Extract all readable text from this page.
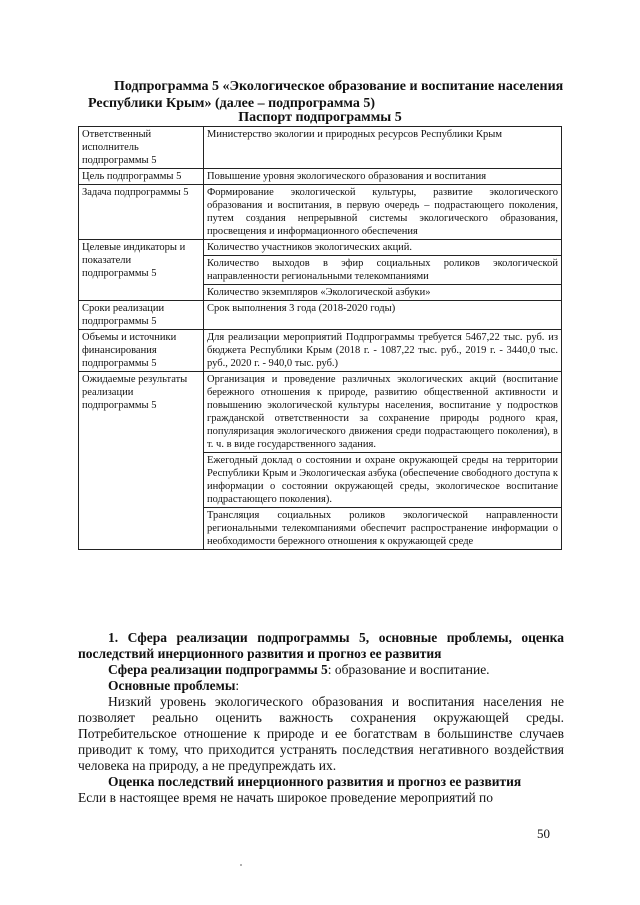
Подпрограмма 5 «Экологическое образование и воспитание населения Республики Крым» (далее – подпрограмма 5)
Паспорт подпрограммы 5
Ответственный исполнитель подпрограммы 5	Министерство экологии и природных ресурсов Республики Крым

Цель подпрограммы 5	Повышение уровня экологического образования и воспитания

Задача подпрограммы 5	Формирование экологической культуры, развитие экологического образования и воспитания, в первую очередь – подрастающего поколения, путем создания непрерывной системы экологического образования, просвещения и информационного обеспечения

Целевые индикаторы и показатели подпрограммы 5	Количество участников экологических акций.
Количество выходов в эфир социальных роликов экологической направленности региональными телекомпаниями
Количество экземпляров «Экологической азбуки»

Сроки реализации подпрограммы 5	Срок выполнения 3 года (2018-2020 годы)

Объемы и источники финансирования подпрограммы 5	Для реализации мероприятий Подпрограммы требуется 5467,22 тыс. руб. из бюджета Республики Крым (2018 г. - 1087,22 тыс. руб., 2019 г. - 3440,0 тыс. руб., 2020 г. - 940,0 тыс. руб.)

Ожидаемые результаты реализации подпрограммы 5	Организация и проведение различных экологических акций (воспитание бережного отношения к природе, развитию общественной активности и повышению экологической культуры населения, воспитание у подростков гражданской ответственности за сохранение природы родного края, популяризация экологического движения среди подрастающего поколения), в т. ч. в виде государственного задания.
Ежегодный доклад о состоянии и охране окружающей среды на территории Республики Крым и Экологическая азбука (обеспечение свободного доступа к информации о состоянии окружающей среды, экологическое воспитание подрастающего поколения).
Трансляция социальных роликов экологической направленности региональными телекомпаниями обеспечит распространение информации о необходимости бережного отношения к окружающей среде

1. Сфера реализации подпрограммы 5, основные проблемы, оценка последствий инерционного развития и прогноз ее развития

Сфера реализации подпрограммы 5: образование и воспитание.

Основные проблемы:

Низкий уровень экологического образования и воспитания населения не позволяет реально оценить важность сохранения окружающей среды. Потребительское отношение к природе и ее богатствам в большинстве случаев приводит к тому, что приходится устранять последствия негативного воздействия человека на природу, а не предупреждать их.

Оценка последствий инерционного развития и прогноз ее развития

Если в настоящее время не начать широкое проведение мероприятий по

50
